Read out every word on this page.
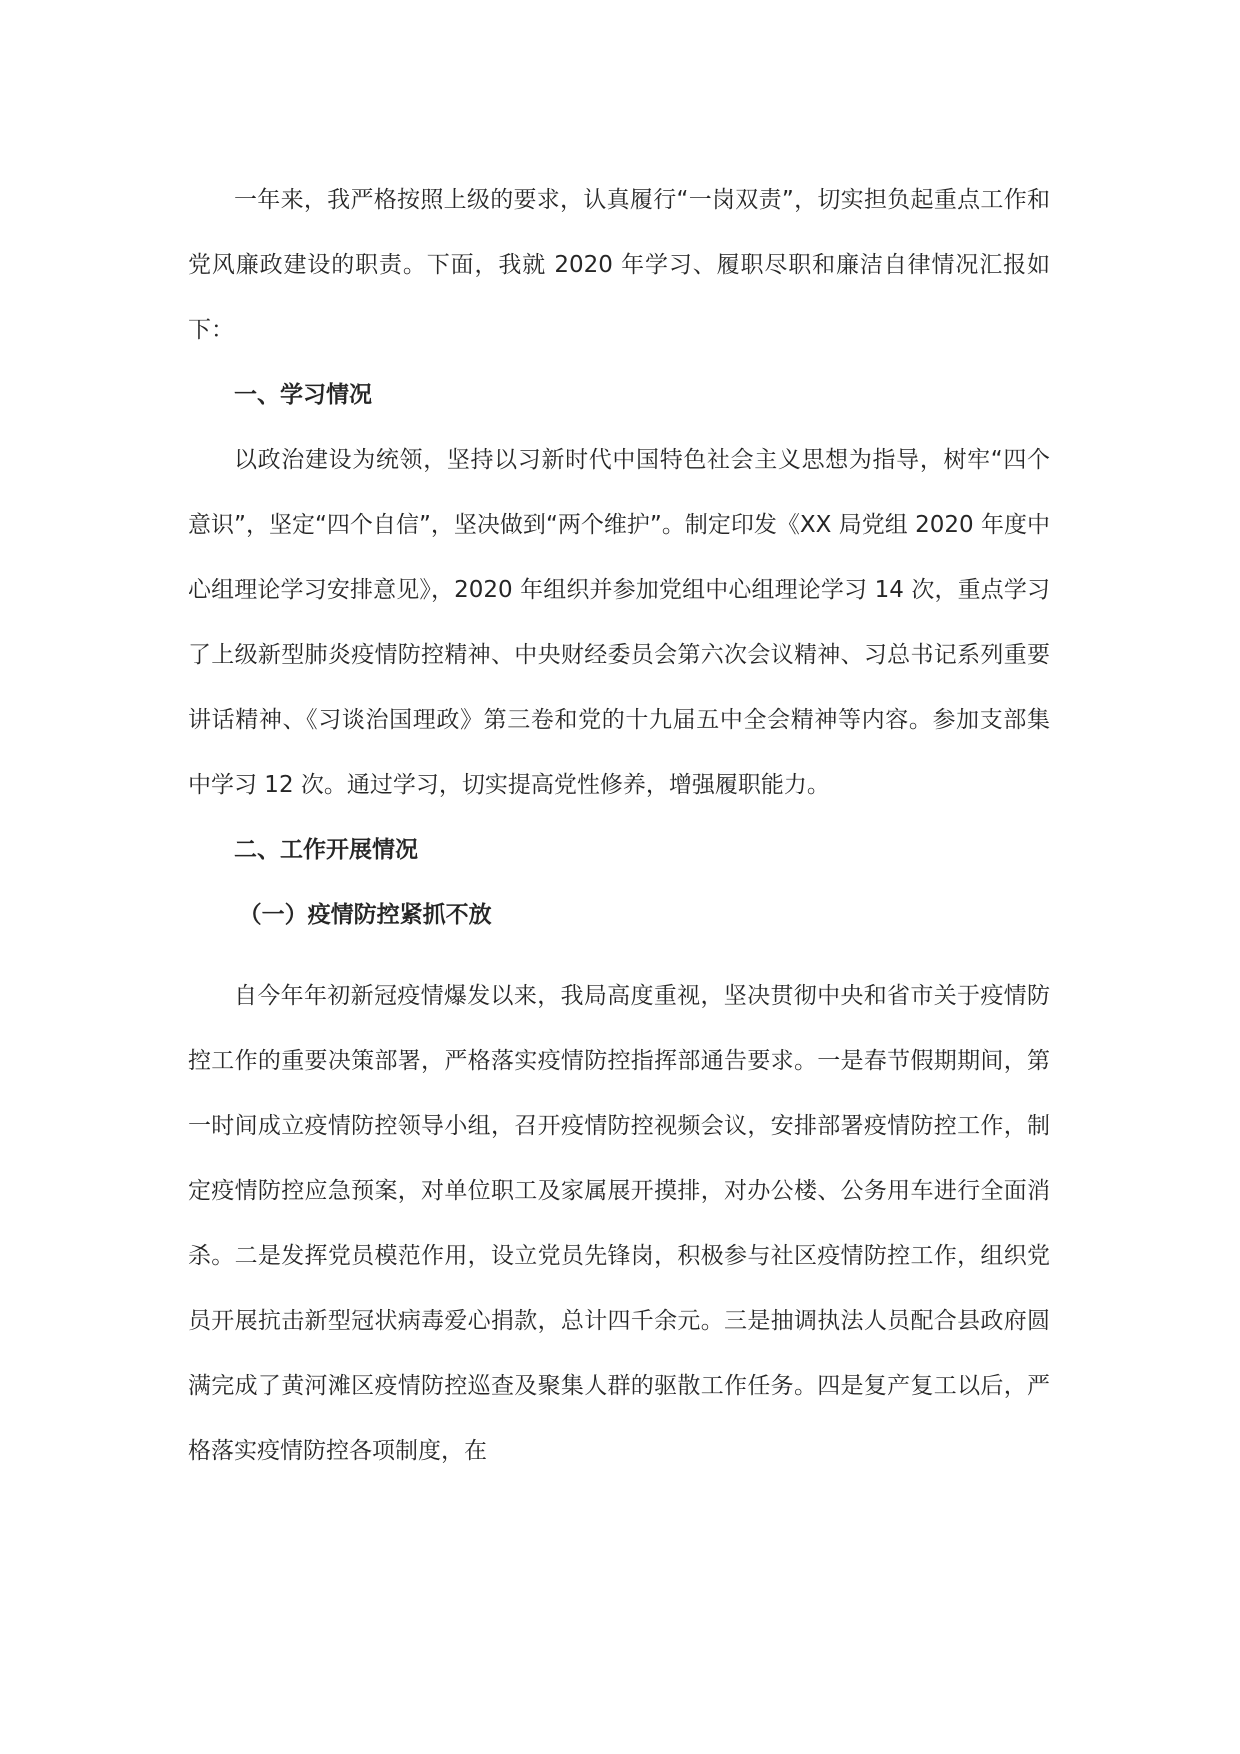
一年来，我严格按照上级的要求，认真履行“一岗双责”，切实担负起重点工作和党风廉政建设的职责。下面，我就 2020 年学习、履职尽职和廉洁自律情况汇报如下：

一、学习情况

以政治建设为统领，坚持以习新时代中国特色社会主义思想为指导，树牢“四个意识”，坚定“四个自信”，坚决做到“两个维护”。制定印发《XX 局党组 2020 年度中心组理论学习安排意见》，2020 年组织并参加党组中心组理论学习 14 次，重点学习了上级新型肺炎疫情防控精神、中央财经委员会第六次会议精神、习总书记系列重要讲话精神、《习谈治国理政》第三卷和党的十九届五中全会精神等内容。参加支部集中学习 12 次。通过学习，切实提高党性修养，增强履职能力。

二、工作开展情况

（一）疫情防控紧抓不放

自今年年初新冠疫情爆发以来，我局高度重视，坚决贯彻中央和省市关于疫情防控工作的重要决策部署，严格落实疫情防控指挥部通告要求。一是春节假期期间，第一时间成立疫情防控领导小组，召开疫情防控视频会议，安排部署疫情防控工作，制定疫情防控应急预案，对单位职工及家属展开摸排，对办公楼、公务用车进行全面消杀。二是发挥党员模范作用，设立党员先锋岗，积极参与社区疫情防控工作，组织党员开展抗击新型冠状病毒爱心捐款，总计四千余元。三是抽调执法人员配合县政府圆满完成了黄河滩区疫情防控巡查及聚集人群的驱散工作任务。四是复产复工以后，严格落实疫情防控各项制度，在
